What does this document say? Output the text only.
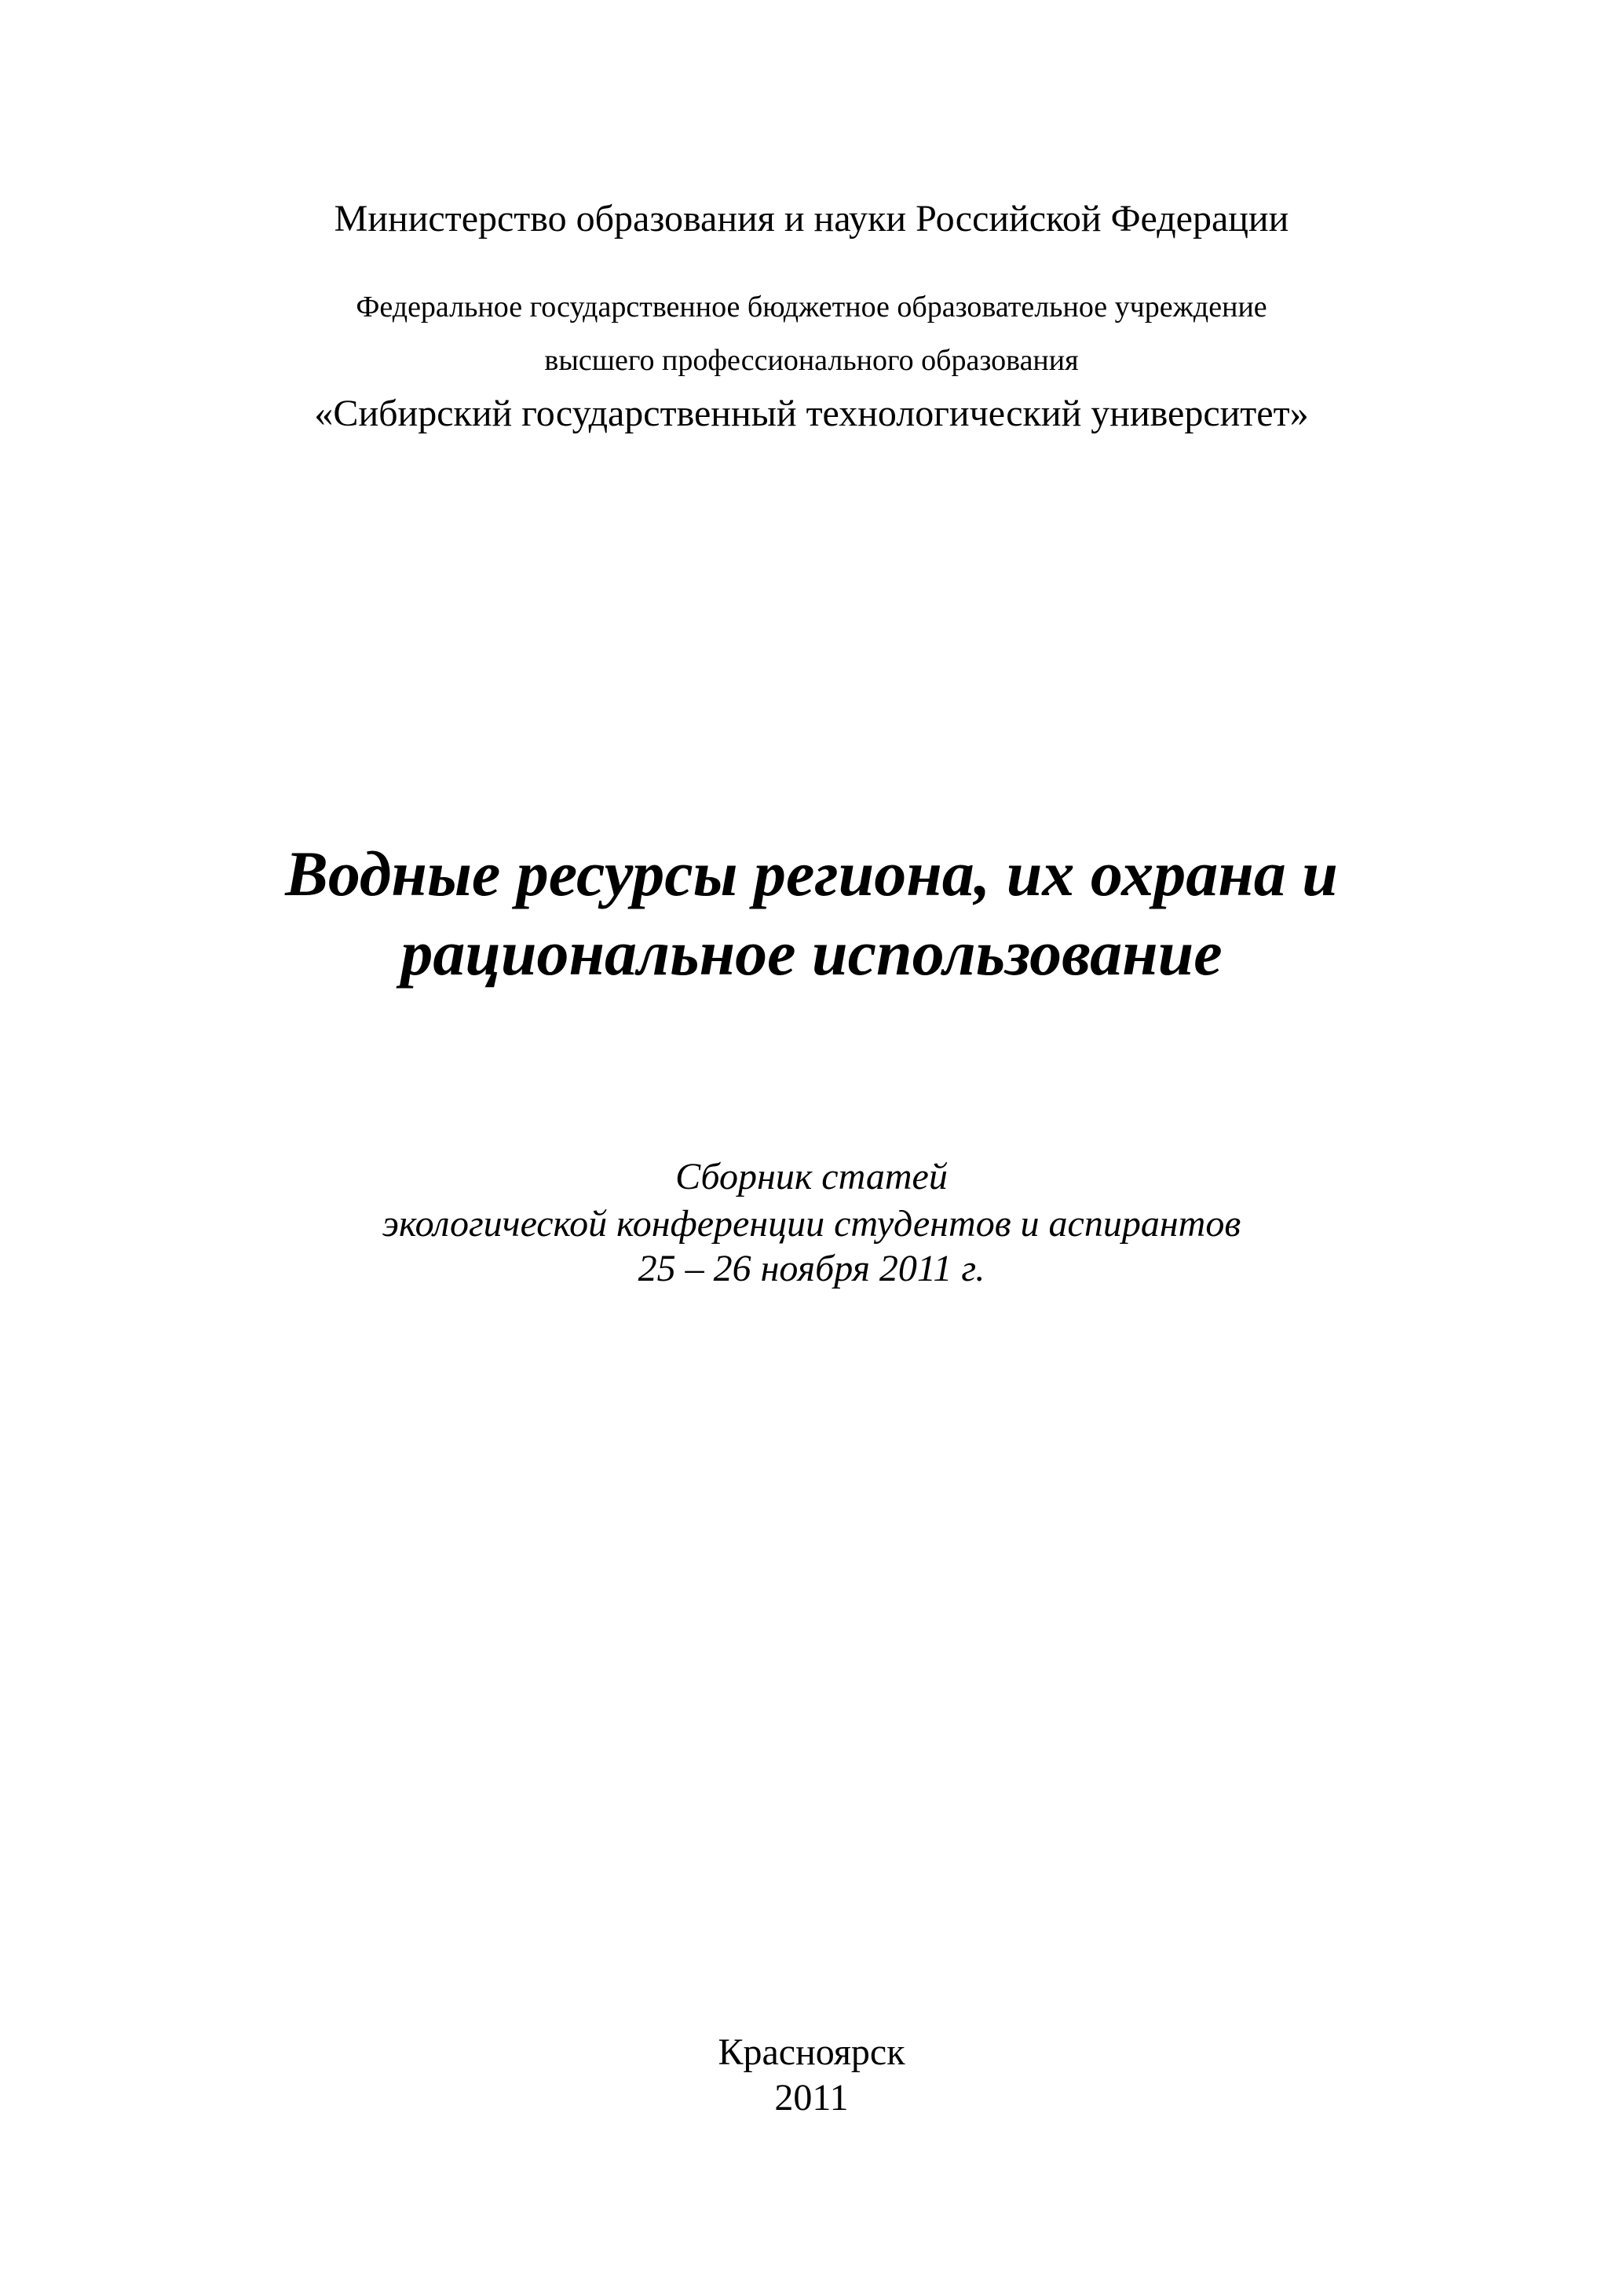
Министерство образования и науки Российской Федерации
Федеральное государственное бюджетное образовательное учреждение
высшего профессионального образования
«Сибирский государственный технологический университет»
Водные ресурсы региона, их охрана и
рациональное использование
Сборник статей
экологической конференции студентов и аспирантов
25 – 26 ноября 2011 г.
Красноярск
2011
